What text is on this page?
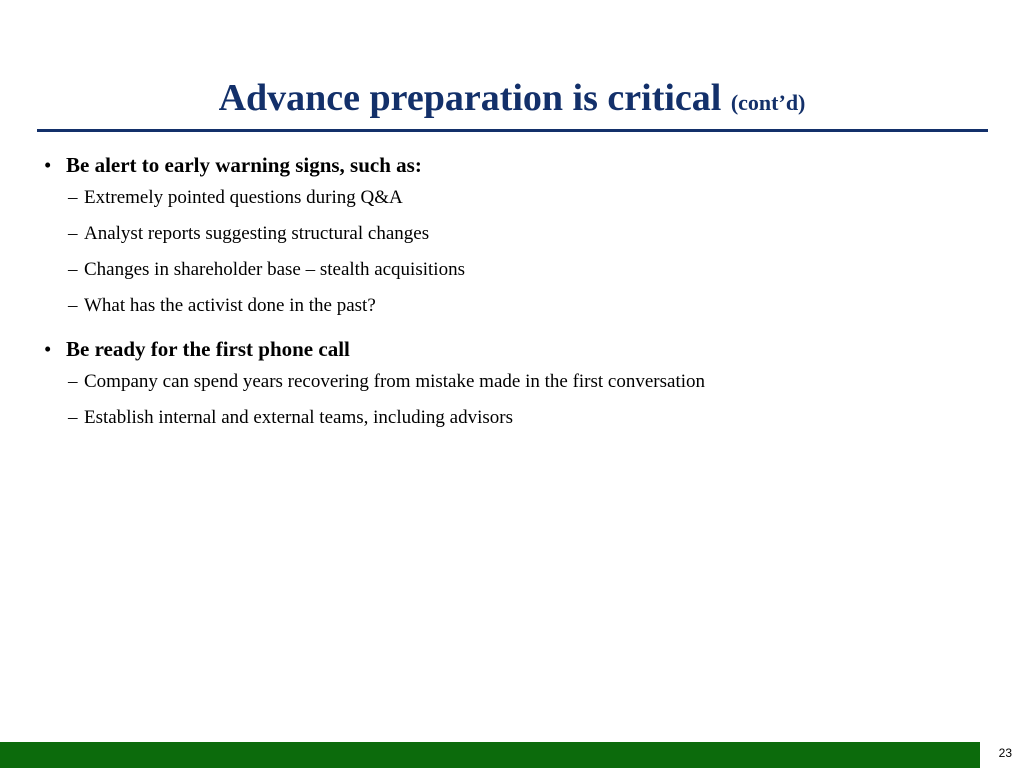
Advance preparation is critical (cont’d)
• Be alert to early warning signs, such as:
– Extremely pointed questions during Q&A
– Analyst reports suggesting structural changes
– Changes in shareholder base – stealth acquisitions
– What has the activist done in the past?
• Be ready for the first phone call
– Company can spend years recovering from mistake made in the first conversation
– Establish internal and external teams, including advisors
23
